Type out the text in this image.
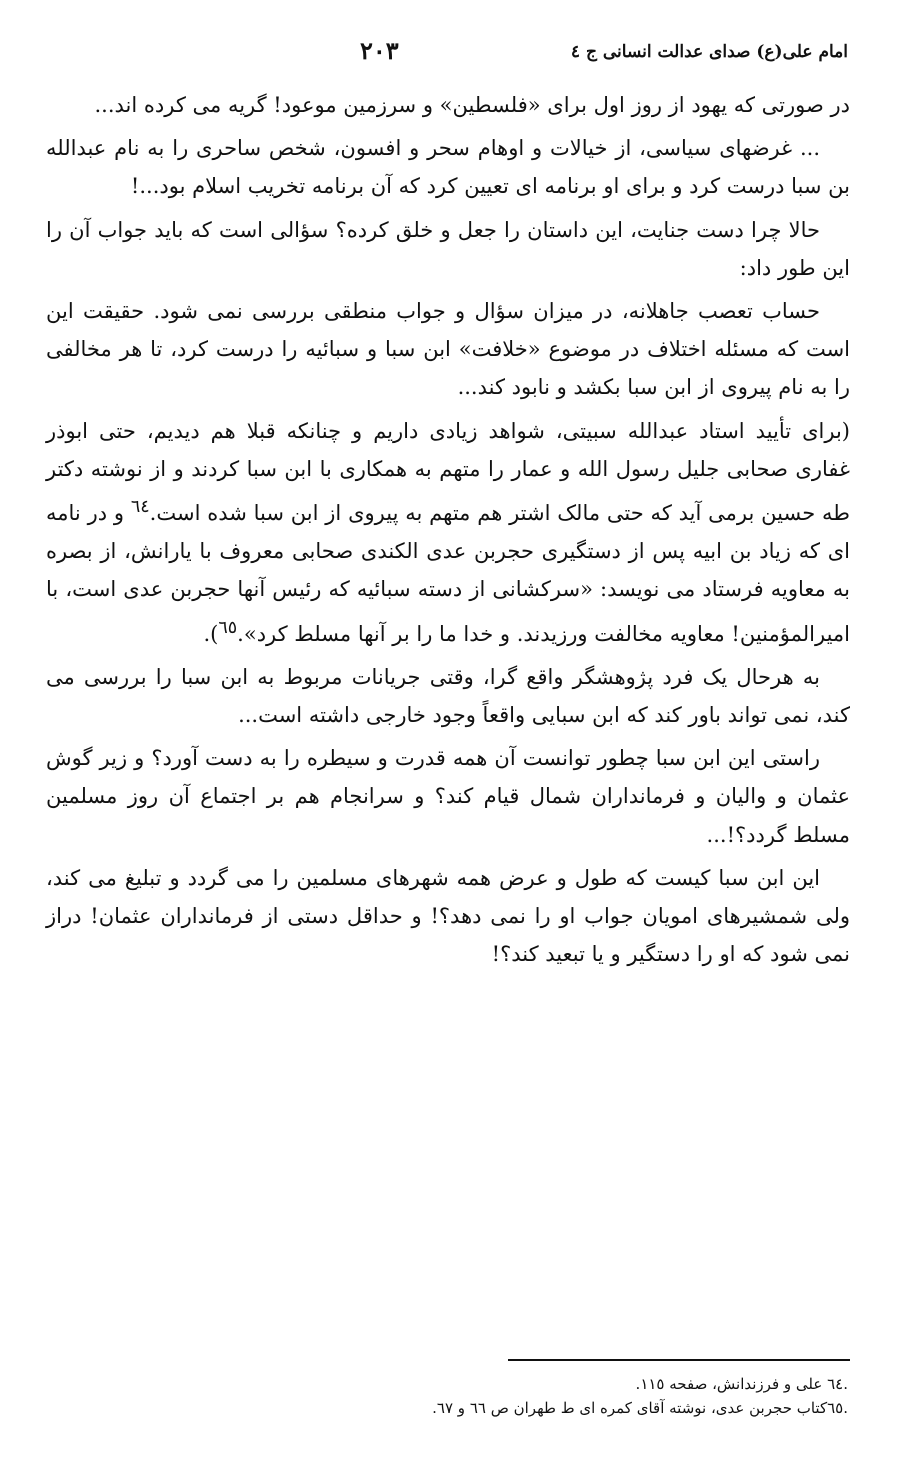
امام علی(ع) صدای عدالت انسانی ج ٤
٢٠٣

در صورتی که یهود از روز اول برای «فلسطین» و سرزمین موعود! گریه می کرده اند...

... غرضهای سیاسی، از خیالات و اوهام سحر و افسون، شخص ساحری را به نام عبدالله بن سبا درست کرد و برای او برنامه ای تعیین کرد که آن برنامه تخریب اسلام بود...!

حالا چرا دست جنایت، این داستان را جعل و خلق کرده؟ سؤالی است که باید جواب آن را این طور داد:

حساب تعصب جاهلانه، در میزان سؤال و جواب منطقی بررسی نمی شود. حقیقت این است که مسئله اختلاف در موضوع «خلافت» ابن سبا و سبائیه را درست کرد، تا هر مخالفی را به نام پیروی از ابن سبا بکشد و نابود کند...

(برای تأیید استاد عبدالله سبیتی، شواهد زیادی داریم و چنانکه قبلا هم دیدیم، حتی ابوذر غفاری صحابی جلیل رسول الله و عمار را متهم به همکاری با ابن سبا کردند و از نوشته دکتر طه حسین برمی آید که حتی مالک اشتر هم متهم به پیروی از ابن سبا شده است.$^{٦٤}$ و در نامه ای که زیاد بن ابیه پس از دستگیری حجربن عدی الکندی صحابی معروف با یارانش، از بصره به معاویه فرستاد می نویسد: «سرکشانی از دسته سبائیه که رئیس آنها حجربن عدی است، با امیرالمؤمنین! معاویه مخالفت ورزیدند. و خدا ما را بر آنها مسلط کرد».$^{٦٥}$).

به هرحال یک فرد پژوهشگر واقع گرا، وقتی جریانات مربوط به ابن سبا را بررسی می کند، نمی تواند باور کند که ابن سبایی واقعاً وجود خارجی داشته است...

راستی این ابن سبا چطور توانست آن همه قدرت و سیطره را به دست آورد؟ و زیر گوش عثمان و والیان و فرمانداران شمال قیام کند؟ و سرانجام هم بر اجتماع آن روز مسلمین مسلط گردد؟!...

این ابن سبا کیست که طول و عرض همه شهرهای مسلمین را می گردد و تبلیغ می کند، ولی شمشیرهای امویان جواب او را نمی دهد؟! و حداقل دستی از فرمانداران عثمان! دراز نمی شود که او را دستگیر و یا تبعید کند؟!

.٦٤ علی و فرزندانش، صفحه ١١٥.
.٦٥کتاب حجربن عدی، نوشته آقای کمره ای ط طهران ص ٦٦ و ٦٧.
